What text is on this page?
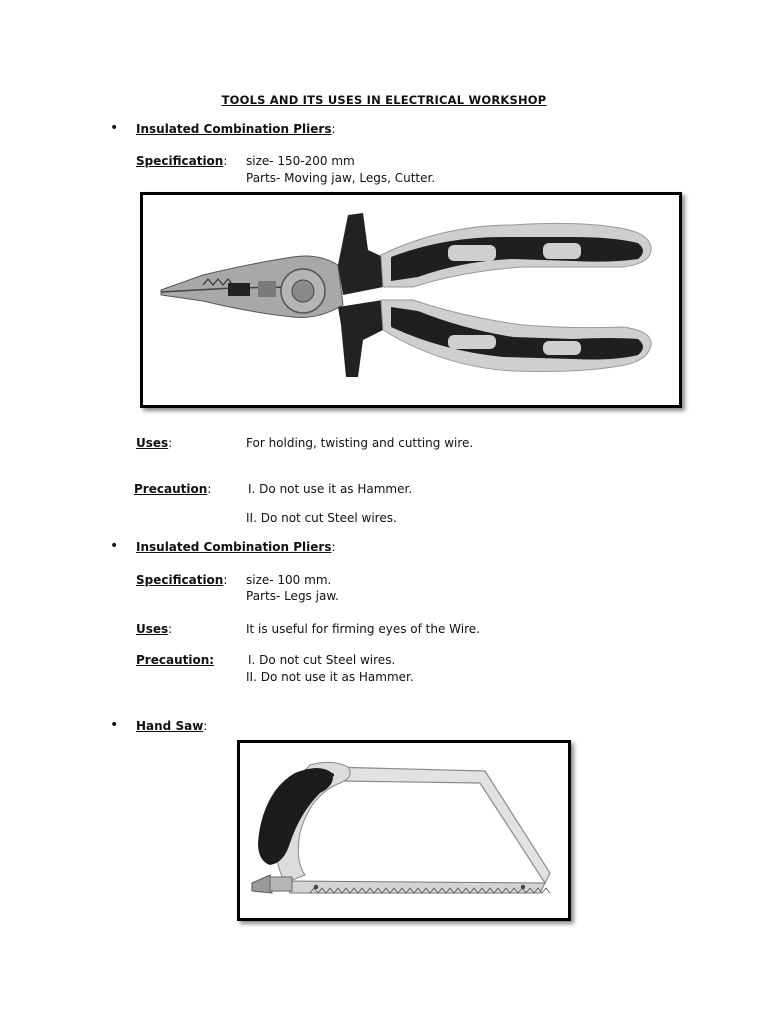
TOOLS AND ITS USES IN ELECTRICAL WORKSHOP
• Insulated Combination Pliers:
Specification: size- 150-200 mm
Parts- Moving jaw, Legs, Cutter.
Uses:	For holding, twisting and cutting wire.
Precaution:	I. Do not use it as Hammer.
II. Do not cut Steel wires.
• Insulated Combination Pliers:
Specification: size- 100 mm.
Parts- Legs jaw.
Uses:	It is useful for firming eyes of the Wire.
Precaution:	I. Do not cut Steel wires.
II. Do not use it as Hammer.
• Hand Saw:
